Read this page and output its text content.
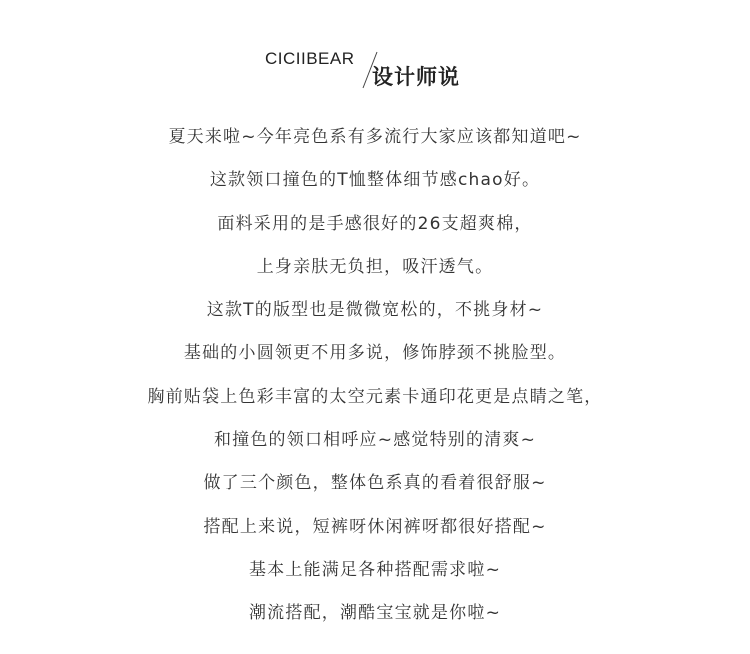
CICIIBEAR
设计师说
夏天来啦~今年亮色系有多流行大家应该都知道吧~
这款领口撞色的T恤整体细节感chao好。
面料采用的是手感很好的26支超爽棉，
上身亲肤无负担，吸汗透气。
这款T的版型也是微微宽松的，不挑身材~
基础的小圆领更不用多说，修饰脖颈不挑脸型。
胸前贴袋上色彩丰富的太空元素卡通印花更是点睛之笔，
和撞色的领口相呼应~感觉特别的清爽~
做了三个颜色，整体色系真的看着很舒服~
搭配上来说，短裤呀休闲裤呀都很好搭配~
基本上能满足各种搭配需求啦~
潮流搭配，潮酷宝宝就是你啦~
